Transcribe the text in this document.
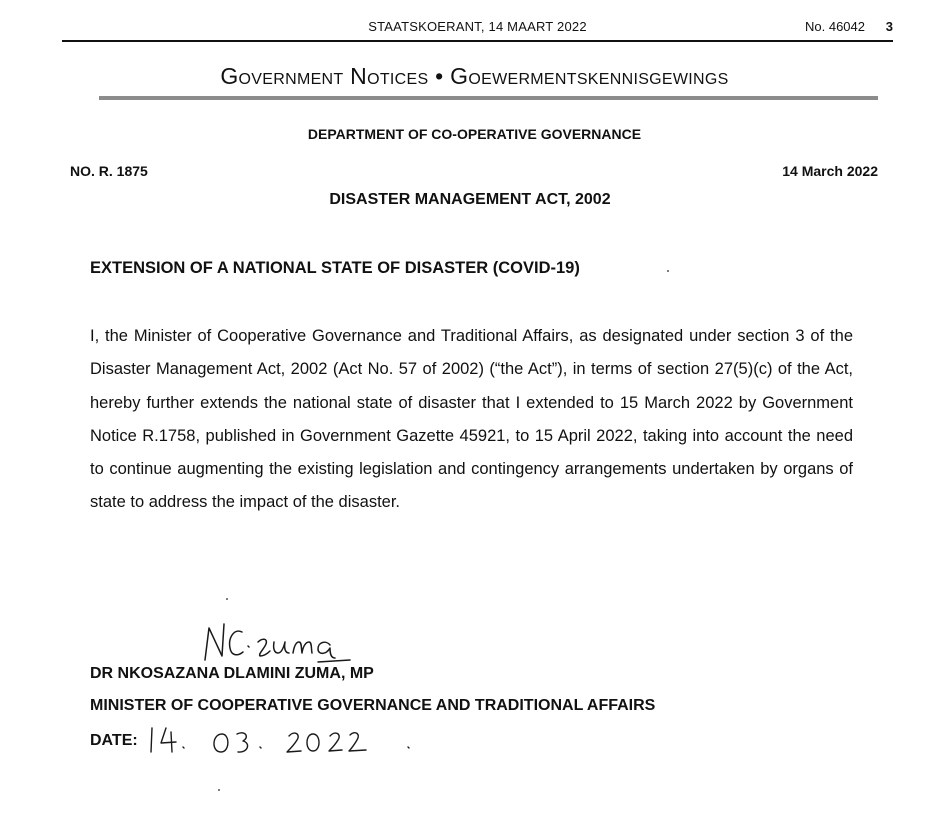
STAATSKOERANT, 14 MAART 2022	No. 46042 3
Government Notices • Goewermentskennisgewings
DEPARTMENT OF CO-OPERATIVE GOVERNANCE
NO. R. 1875	14 March 2022
DISASTER MANAGEMENT ACT, 2002
EXTENSION OF A NATIONAL STATE OF DISASTER (COVID-19)
I, the Minister of Cooperative Governance and Traditional Affairs, as designated under section 3 of the Disaster Management Act, 2002 (Act No. 57 of 2002) (“the Act”), in terms of section 27(5)(c) of the Act, hereby further extends the national state of disaster that I extended to 15 March 2022 by Government Notice R.1758, published in Government Gazette 45921, to 15 April 2022, taking into account the need to continue augmenting the existing legislation and contingency arrangements undertaken by organs of state to address the impact of the disaster.
DR NKOSAZANA DLAMINI ZUMA, MP
MINISTER OF COOPERATIVE GOVERNANCE AND TRADITIONAL AFFAIRS
DATE:
